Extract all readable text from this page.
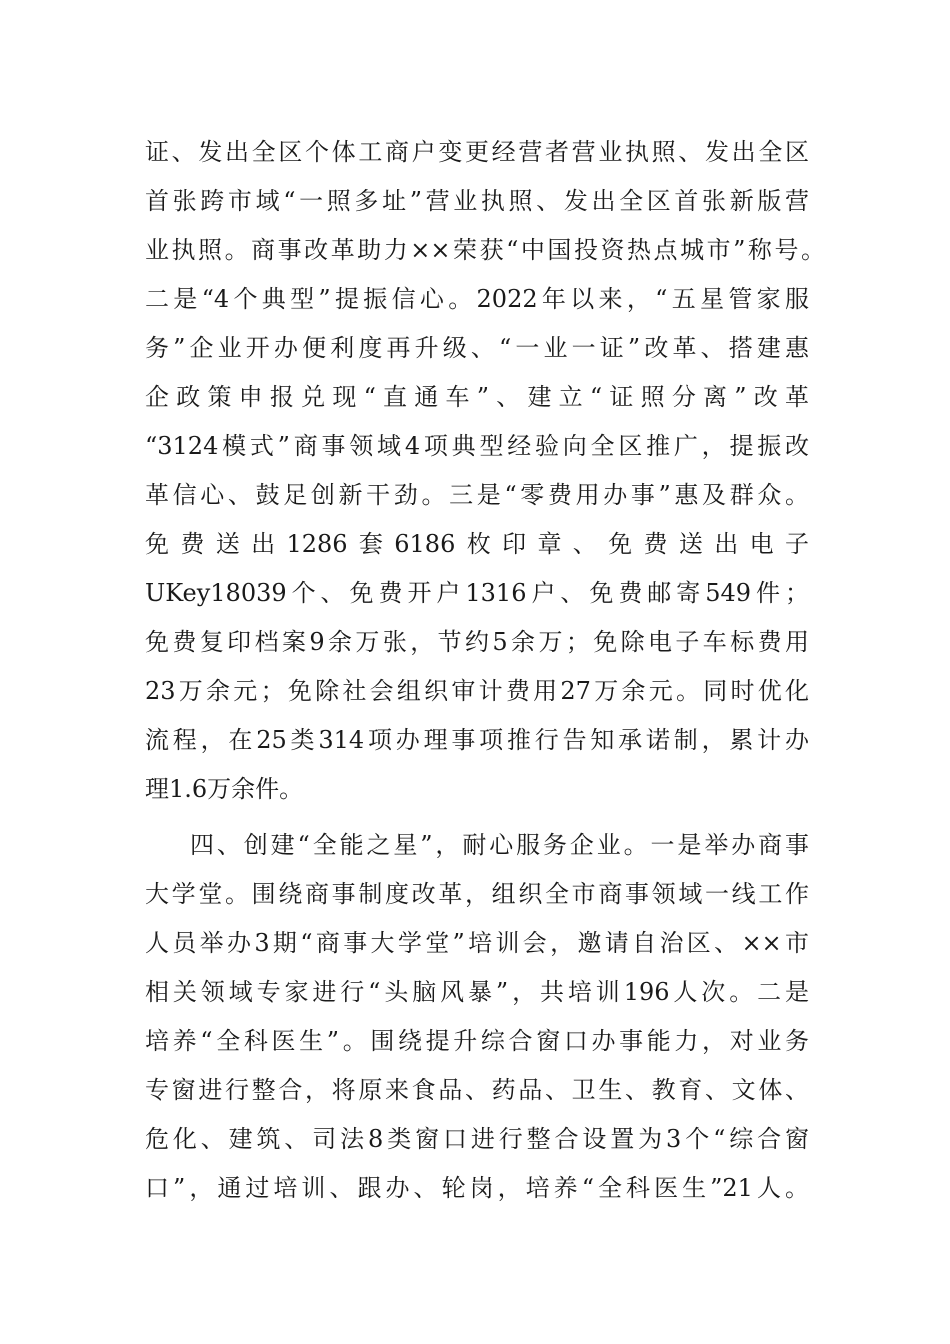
证、发出全区个体工商户变更经营者营业执照、发出全区
首张跨市域“一照多址”营业执照、发出全区首张新版营
业执照。商事改革助力××荣获“中国投资热点城市”称号。
二是“4个典型”提振信心。2022年以来，“五星管家服
务”企业开办便利度再升级、“一业一证”改革、搭建惠
企政策申报兑现“直通车”、建立“证照分离”改革
“3124模式”商事领域4项典型经验向全区推广，提振改
革信心、鼓足创新干劲。三是“零费用办事”惠及群众。
免费送出1286套6186枚印章、免费送出电子
UKey18039个、免费开户1316户、免费邮寄549件；
免费复印档案9余万张，节约5余万；免除电子车标费用
23万余元；免除社会组织审计费用27万余元。同时优化
流程，在25类314项办理事项推行告知承诺制，累计办
理1.6万余件。
四、创建“全能之星”，耐心服务企业。一是举办商事
大学堂。围绕商事制度改革，组织全市商事领域一线工作
人员举办3期“商事大学堂”培训会，邀请自治区、××市
相关领域专家进行“头脑风暴”，共培训196人次。二是
培养“全科医生”。围绕提升综合窗口办事能力，对业务
专窗进行整合，将原来食品、药品、卫生、教育、文体、
危化、建筑、司法8类窗口进行整合设置为3个“综合窗
口”，通过培训、跟办、轮岗，培养“全科医生”21人。
